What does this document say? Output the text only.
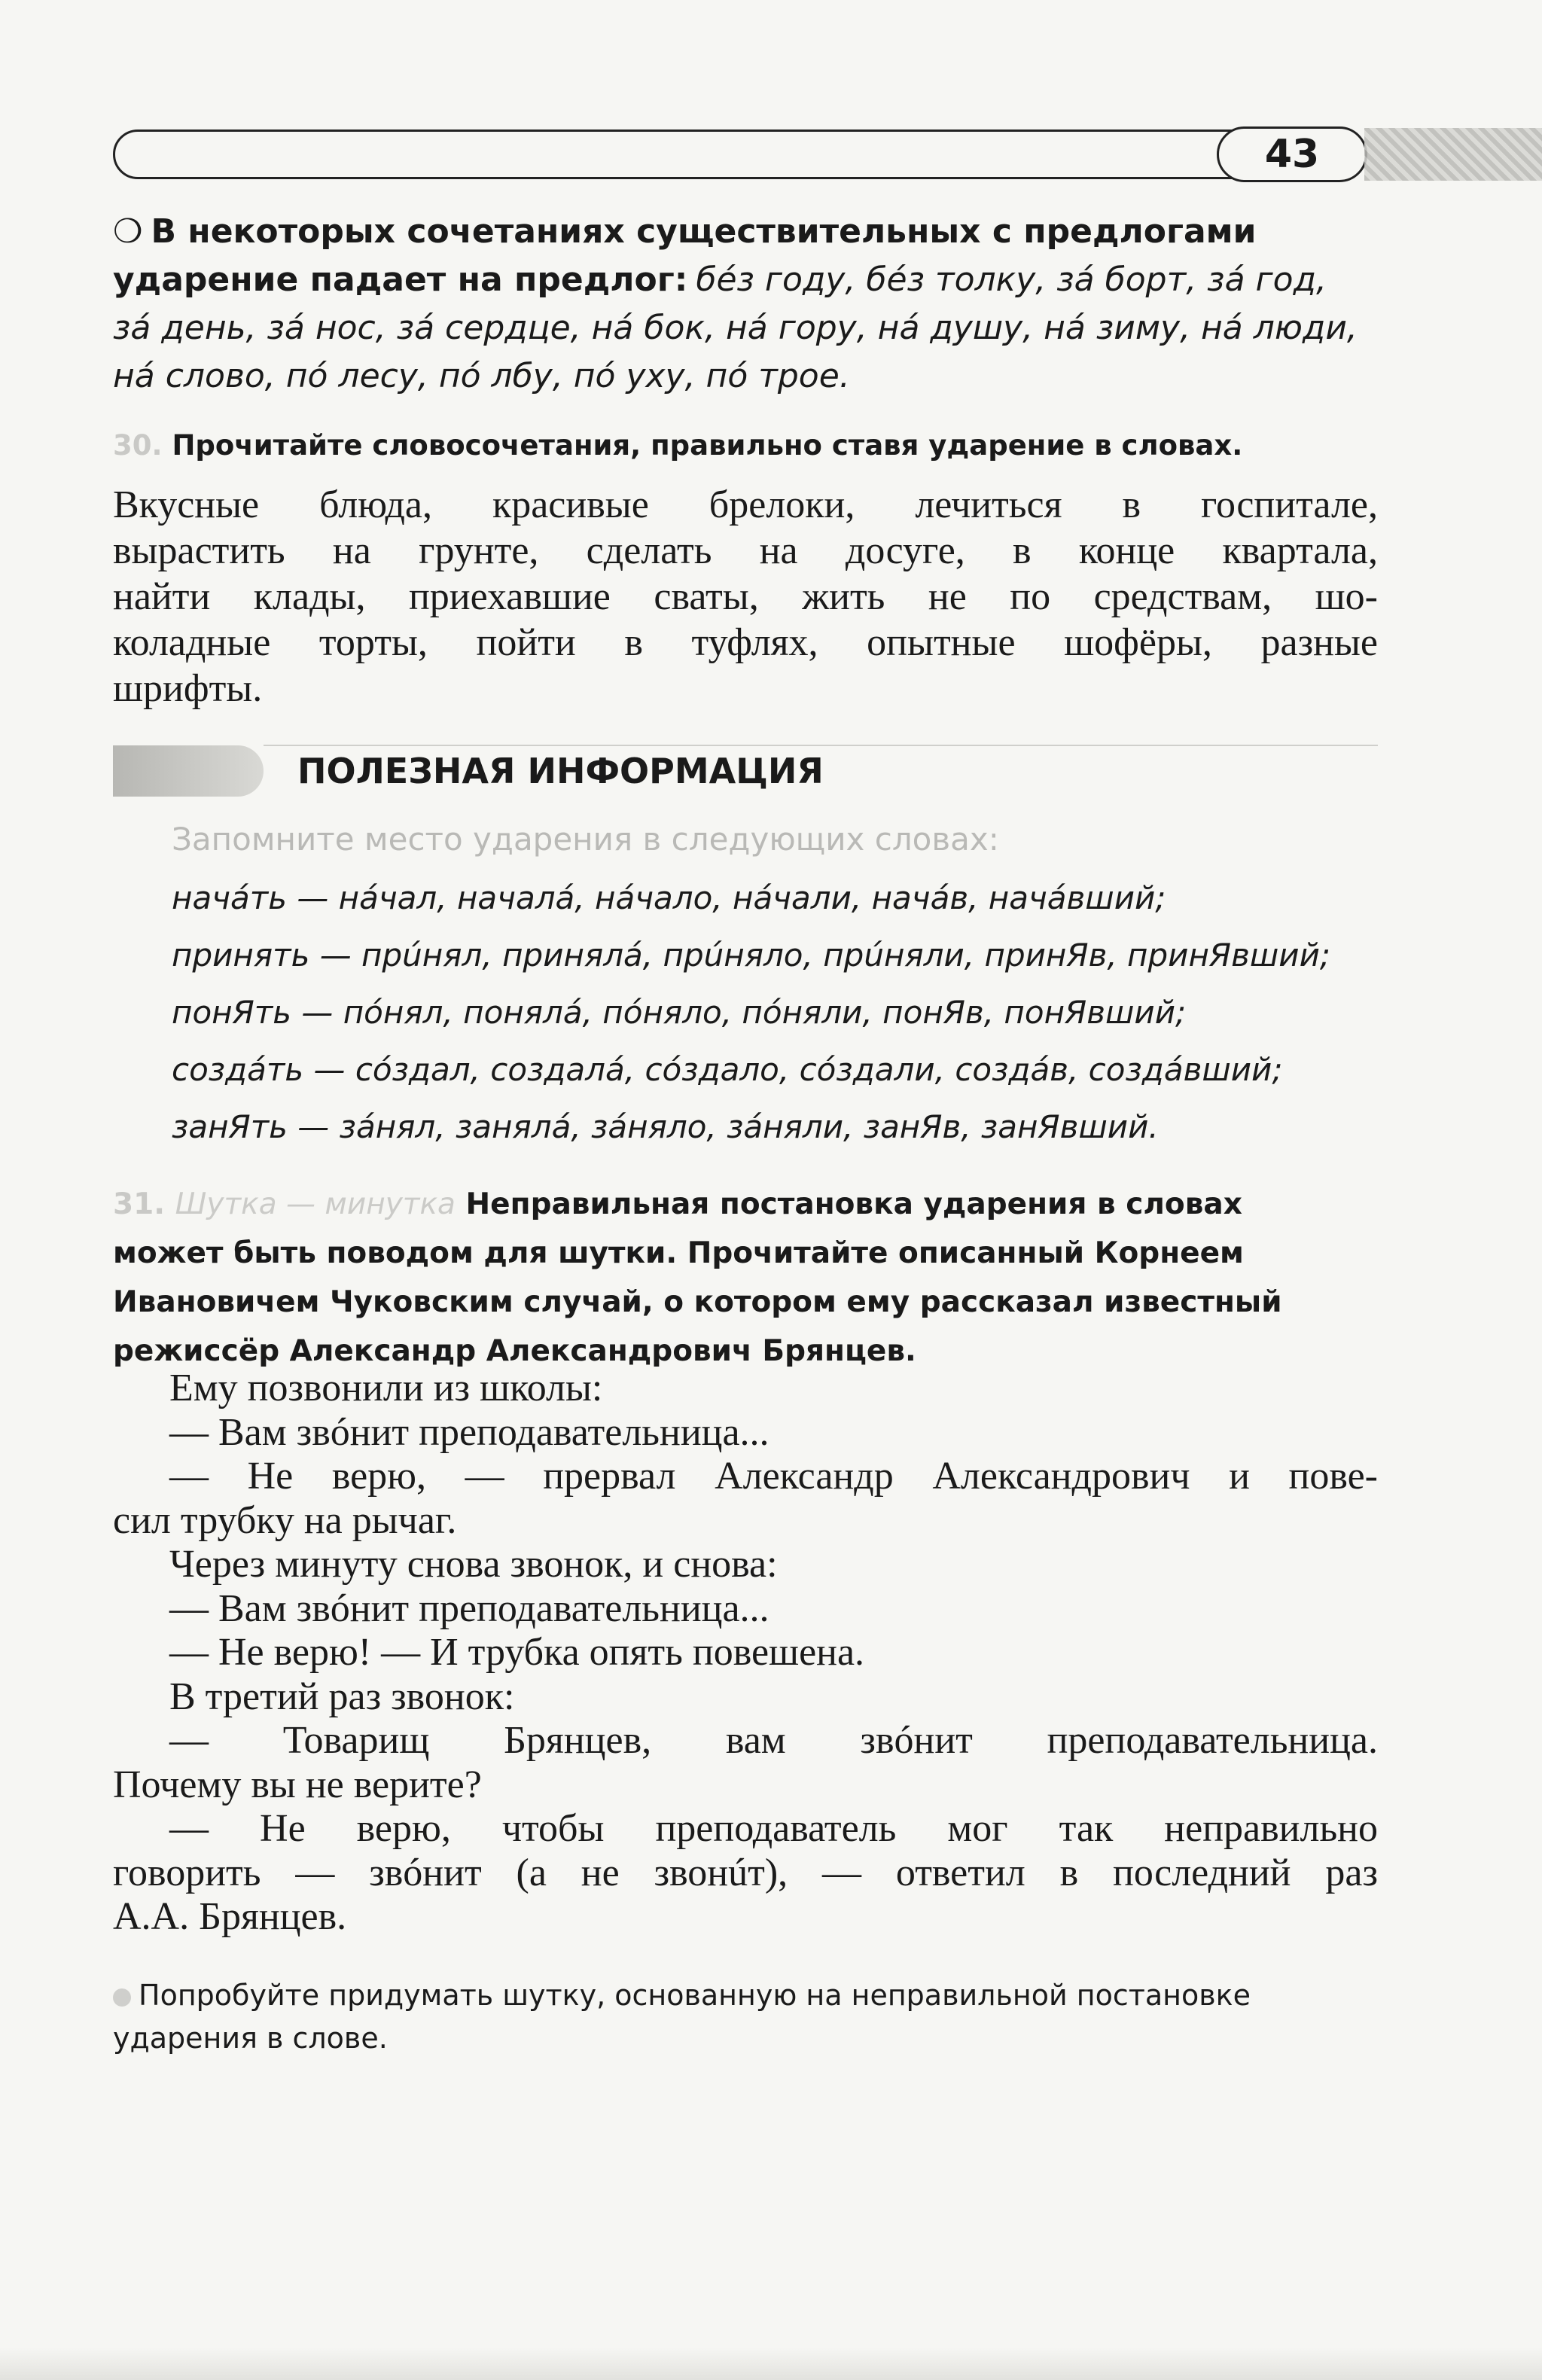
43
❍ В некоторых сочетаниях существительных с предлогами
ударение падает на предлог: бéз году, бéз толку, зá борт, зá год,
зá день, зá нос, зá сердце, нá бок, нá гору, нá душу, нá зиму, нá люди,
нá слово, пó лесу, пó лбу, пó уху, пó трое.
30. Прочитайте словосочетания, правильно ставя ударение в словах.
Вкусные блюда, красивые брелоки, лечиться в госпитале,
вырастить на грунте, сделать на досуге, в конце квартала,
найти клады, приехавшие сваты, жить не по средствам, шо-
коладные торты, пойти в туфлях, опытные шофёры, разные
шрифты.
ПОЛЕЗНАЯ ИНФОРМАЦИЯ
Запомните место ударения в следующих словах:
начáть — нáчал, началá, нáчало, нáчали, начáв, начáвший;
принять — прúнял, принялá, прúняло, прúняли, принЯв, принЯвший;
понЯть — пóнял, понялá, пóняло, пóняли, понЯв, понЯвший;
создáть — сóздал, создалá, сóздало, сóздали, создáв, создáвший;
занЯть — зáнял, занялá, зáняло, зáняли, занЯв, занЯвший.
31. Шутка — минутка Неправильная постановка ударения в словах
может быть поводом для шутки. Прочитайте описанный Корнеем
Ивановичем Чуковским случай, о котором ему рассказал известный
режиссёр Александр Александрович Брянцев.
Ему позвонили из школы:
— Вам звóнит преподавательница...
— Не верю, — прервал Александр Александрович и пове-
сил трубку на рычаг.
Через минуту снова звонок, и снова:
— Вам звóнит преподавательница...
— Не верю! — И трубка опять повешена.
В третий раз звонок:
— Товарищ Брянцев, вам звóнит преподавательница.
Почему вы не верите?
— Не верю, чтобы преподаватель мог так неправильно
говорить — звóнит (а не звонúт), — ответил в последний раз
А.А. Брянцев.
Попробуйте придумать шутку, основанную на неправильной постановке
ударения в слове.
